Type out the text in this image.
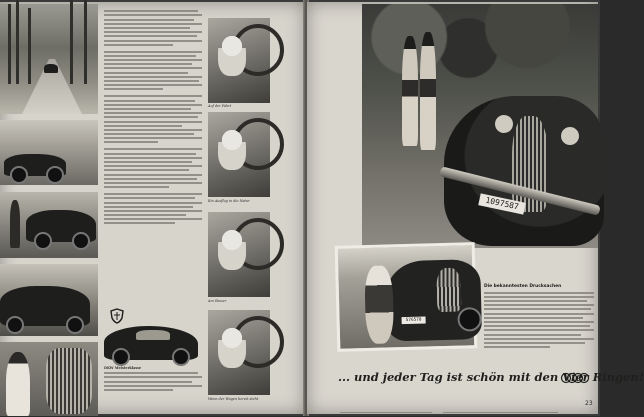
Auf der Fahrt
Ein Ausflug in die Natur
Am Steuer
Wenn der Wagen bereit steht
DKW Meisterklasse
1097587
576578
Die bekanntesten Drucksachen
... und jeder Tag ist schön mit den Vier Ringen!

23
